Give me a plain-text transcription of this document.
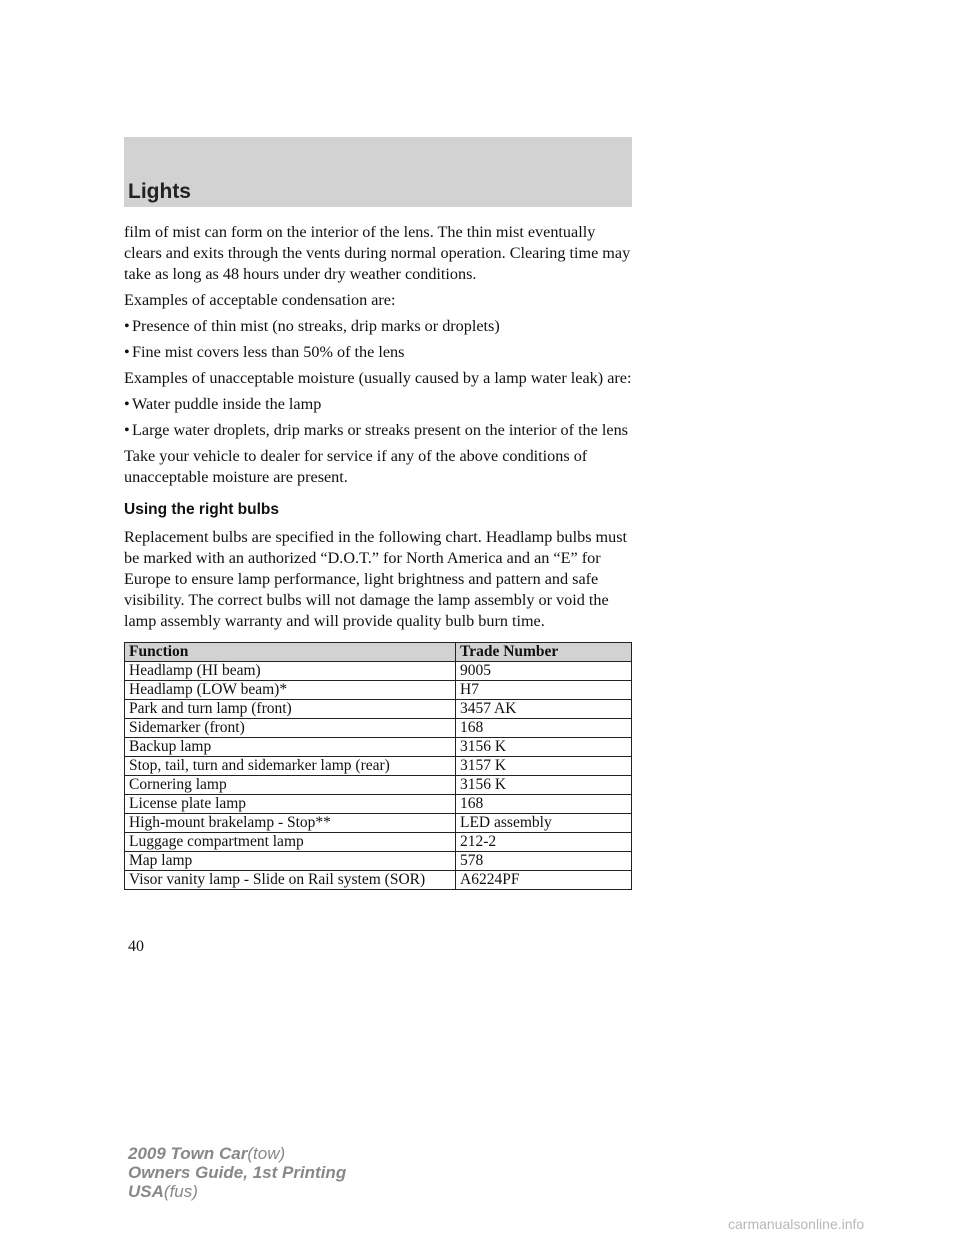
Lights

film of mist can form on the interior of the lens. The thin mist eventually clears and exits through the vents during normal operation. Clearing time may take as long as 48 hours under dry weather conditions.

Examples of acceptable condensation are:

• Presence of thin mist (no streaks, drip marks or droplets)
• Fine mist covers less than 50% of the lens

Examples of unacceptable moisture (usually caused by a lamp water leak) are:

• Water puddle inside the lamp
• Large water droplets, drip marks or streaks present on the interior of the lens

Take your vehicle to dealer for service if any of the above conditions of unacceptable moisture are present.

Using the right bulbs

Replacement bulbs are specified in the following chart. Headlamp bulbs must be marked with an authorized “D.O.T.” for North America and an “E” for Europe to ensure lamp performance, light brightness and pattern and safe visibility. The correct bulbs will not damage the lamp assembly or void the lamp assembly warranty and will provide quality bulb burn time.

Function	Trade Number
Headlamp (HI beam)	9005
Headlamp (LOW beam)*	H7
Park and turn lamp (front)	3457 AK
Sidemarker (front)	168
Backup lamp	3156 K
Stop, tail, turn and sidemarker lamp (rear)	3157 K
Cornering lamp	3156 K
License plate lamp	168
High-mount brakelamp - Stop**	LED assembly
Luggage compartment lamp	212-2
Map lamp	578
Visor vanity lamp - Slide on Rail system (SOR)	A6224PF
40
2009 Town Car(tow)
Owners Guide, 1st Printing
USA(fus)
carmanualsonline.info
